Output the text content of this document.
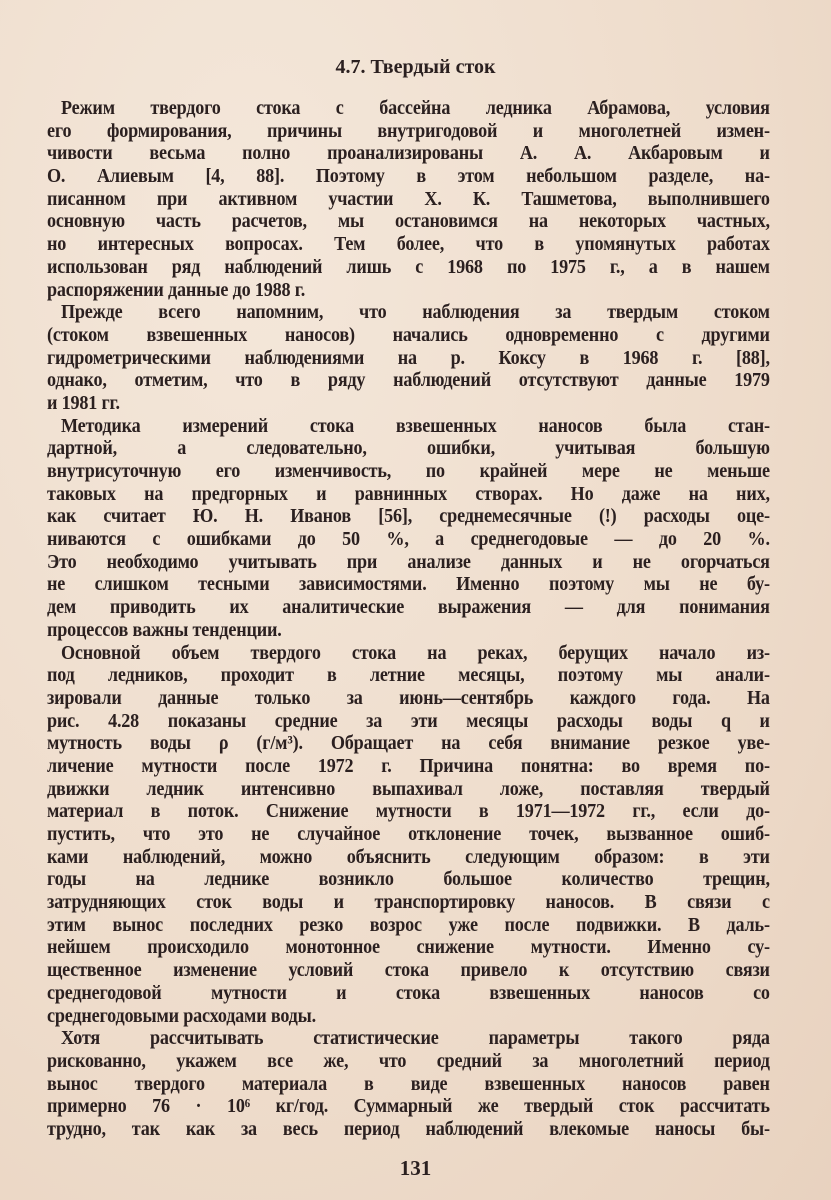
4.7. Твердый сток
Режим твердого стока с бассейна ледника Абрамова, условия
его формирования, причины внутригодовой и многолетней измен-
чивости весьма полно проанализированы А. А. Акбаровым и
О. Алиевым [4, 88]. Поэтому в этом небольшом разделе, на-
писанном при активном участии Х. К. Ташметова, выполнившего
основную часть расчетов, мы остановимся на некоторых частных,
но интересных вопросах. Тем более, что в упомянутых работах
использован ряд наблюдений лишь с 1968 по 1975 г., а в нашем
распоряжении данные до 1988 г.
Прежде всего напомним, что наблюдения за твердым стоком
(стоком взвешенных наносов) начались одновременно с другими
гидрометрическими наблюдениями на р. Коксу в 1968 г. [88],
однако, отметим, что в ряду наблюдений отсутствуют данные 1979
и 1981 гг.
Методика измерений стока взвешенных наносов была стан-
дартной, а следовательно, ошибки, учитывая большую
внутрисуточную его изменчивость, по крайней мере не меньше
таковых на предгорных и равнинных створах. Но даже на них,
как считает Ю. Н. Иванов [56], среднемесячные (!) расходы оце-
ниваются с ошибками до 50 %, а среднегодовые — до 20 %.
Это необходимо учитывать при анализе данных и не огорчаться
не слишком тесными зависимостями. Именно поэтому мы не бу-
дем приводить их аналитические выражения — для понимания
процессов важны тенденции.
Основной объем твердого стока на реках, берущих начало из-
под ледников, проходит в летние месяцы, поэтому мы анали-
зировали данные только за июнь—сентябрь каждого года. На
рис. 4.28 показаны средние за эти месяцы расходы воды q и
мутность воды ρ (г/м³). Обращает на себя внимание резкое уве-
личение мутности после 1972 г. Причина понятна: во время по-
движки ледник интенсивно выпахивал ложе, поставляя твердый
материал в поток. Снижение мутности в 1971—1972 гг., если до-
пустить, что это не случайное отклонение точек, вызванное ошиб-
ками наблюдений, можно объяснить следующим образом: в эти
годы на леднике возникло большое количество трещин,
затрудняющих сток воды и транспортировку наносов. В связи с
этим вынос последних резко возрос уже после подвижки. В даль-
нейшем происходило монотонное снижение мутности. Именно су-
щественное изменение условий стока привело к отсутствию связи
среднегодовой мутности и стока взвешенных наносов со
среднегодовыми расходами воды.
Хотя рассчитывать статистические параметры такого ряда
рискованно, укажем все же, что средний за многолетний период
вынос твердого материала в виде взвешенных наносов равен
примерно 76 · 10⁶ кг/год. Суммарный же твердый сток рассчитать
трудно, так как за весь период наблюдений влекомые наносы бы-
131
